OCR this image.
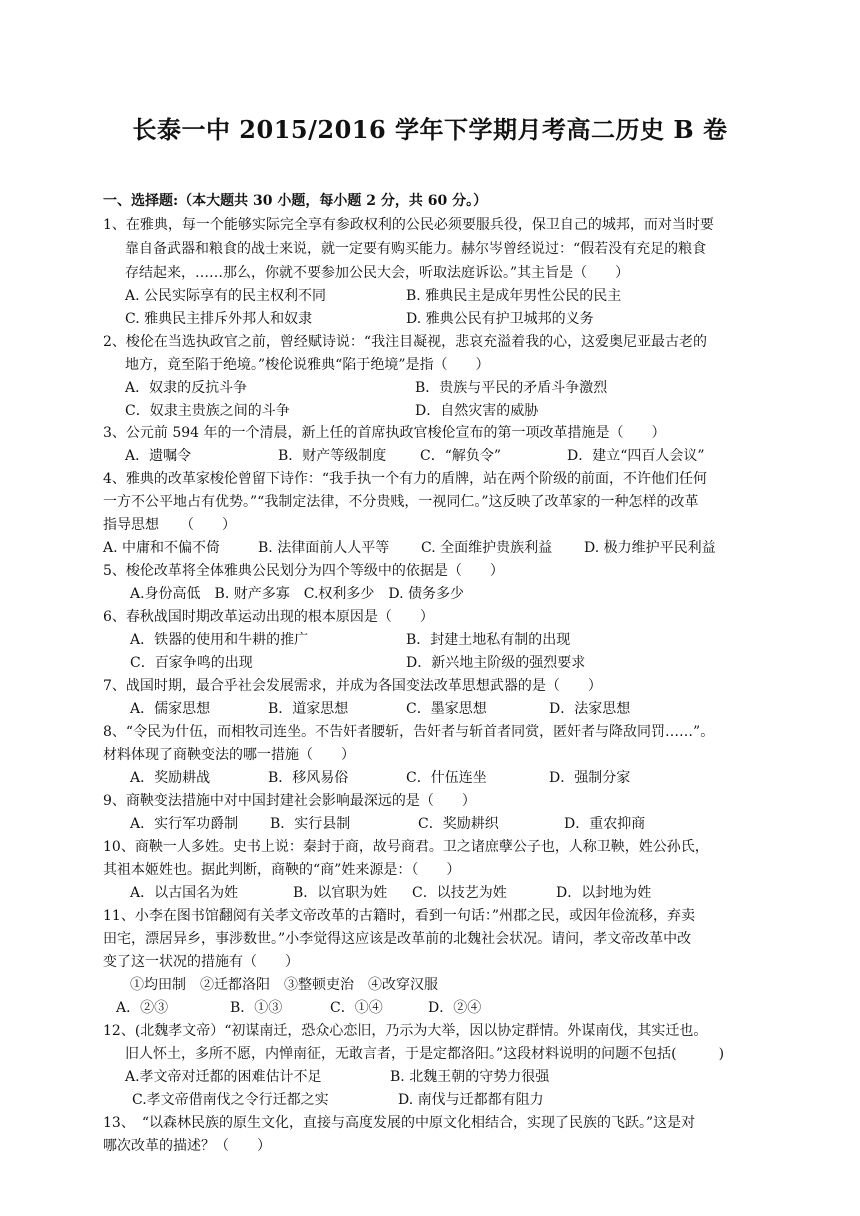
长泰一中 2015/2016 学年下学期月考高二历史 B 卷
一、选择题:（本大题共 30 小题，每小题 2 分，共 60 分。）
1、在雅典，每一个能够实际完全享有参政权利的公民必须要服兵役，保卫自己的城邦，而对当时要
靠自备武器和粮食的战士来说，就一定要有购买能力。赫尔岑曾经说过：“假若没有充足的粮食
存结起来，……那么，你就不要参加公民大会，听取法庭诉讼。”其主旨是（　　）
A. 公民实际享有的民主权利不同	B. 雅典民主是成年男性公民的民主
C. 雅典民主排斥外邦人和奴隶	D. 雅典公民有护卫城邦的义务
2、梭伦在当选执政官之前，曾经赋诗说：“我注目凝视，悲哀充溢着我的心，这爱奥尼亚最古老的
地方，竟至陷于绝境。”梭伦说雅典“陷于绝境”是指（　　）
A．奴隶的反抗斗争	B．贵族与平民的矛盾斗争激烈
C．奴隶主贵族之间的斗争	D．自然灾害的威胁
3、公元前 594 年的一个清晨，新上任的首席执政官梭伦宣布的第一项改革措施是（　　）
A．遗嘱令	B．财产等级制度 C．“解负令”	D．建立“四百人会议”
4、雅典的改革家梭伦曾留下诗作：“我手执一个有力的盾牌，站在两个阶级的前面，不许他们任何
一方不公平地占有优势。”“我制定法律，不分贵贱，一视同仁。”这反映了改革家的一种怎样的改革
指导思想　　（　　）
A. 中庸和不偏不倚	B. 法律面前人人平等 C. 全面维护贵族利益 D. 极力维护平民利益
5、梭伦改革将全体雅典公民划分为四个等级中的依据是（　　）
A.身份高低　B. 财产多寡　C.权利多少　D. 债务多少
6、春秋战国时期改革运动出现的根本原因是（　　）
A．铁器的使用和牛耕的推广	B．封建土地私有制的出现
C．百家争鸣的出现	D．新兴地主阶级的强烈要求
7、战国时期，最合乎社会发展需求，并成为各国变法改革思想武器的是（　　）
A．儒家思想	B．道家思想	C．墨家思想	D．法家思想
8、“令民为什伍，而相牧司连坐。不告奸者腰斩，告奸者与斩首者同赏，匿奸者与降敌同罚……”。
材料体现了商鞅变法的哪一措施（　　）
A．奖励耕战	B．移风易俗	C．什伍连坐	D．强制分家
9、商鞅变法措施中对中国封建社会影响最深远的是（　　）
A．实行军功爵制 B．实行县制	C．奖励耕织	D．重农抑商
10、商鞅一人多姓。史书上说：秦封于商，故号商君。卫之诸庶孽公子也，人称卫鞅，姓公孙氏，
其祖本姬姓也。据此判断，商鞅的“商”姓来源是：（　　）
A．以古国名为姓	B．以官职为姓 C．以技艺为姓	D．以封地为姓
11、小李在图书馆翻阅有关孝文帝改革的古籍时，看到一句话：”州郡之民，或因年俭流移，弃卖
田宅，漂居异乡，事涉数世。”小李觉得这应该是改革前的北魏社会状况。请问，孝文帝改革中改
变了这一状况的措施有（　　）
①均田制　②迁都洛阳　③整顿吏治　④改穿汉服
A．②③	B．①③	C．①④	D．②④
12、(北魏孝文帝）“初谋南迁，恐众心恋旧，乃示为大举，因以协定群情。外谋南伐，其实迁也。
旧人怀土，多所不愿，内惮南征，无敢言者，于是定都洛阳。”这段材料说明的问题不包括(　　　)
A.孝文帝对迁都的困难估计不足	B. 北魏王朝的守势力很强
C.孝文帝借南伐之令行迁都之实	D. 南伐与迁都都有阻力
13、　“以森林民族的原生文化，直接与高度发展的中原文化相结合，实现了民族的飞跃。”这是对
哪次改革的描述？（　　）
